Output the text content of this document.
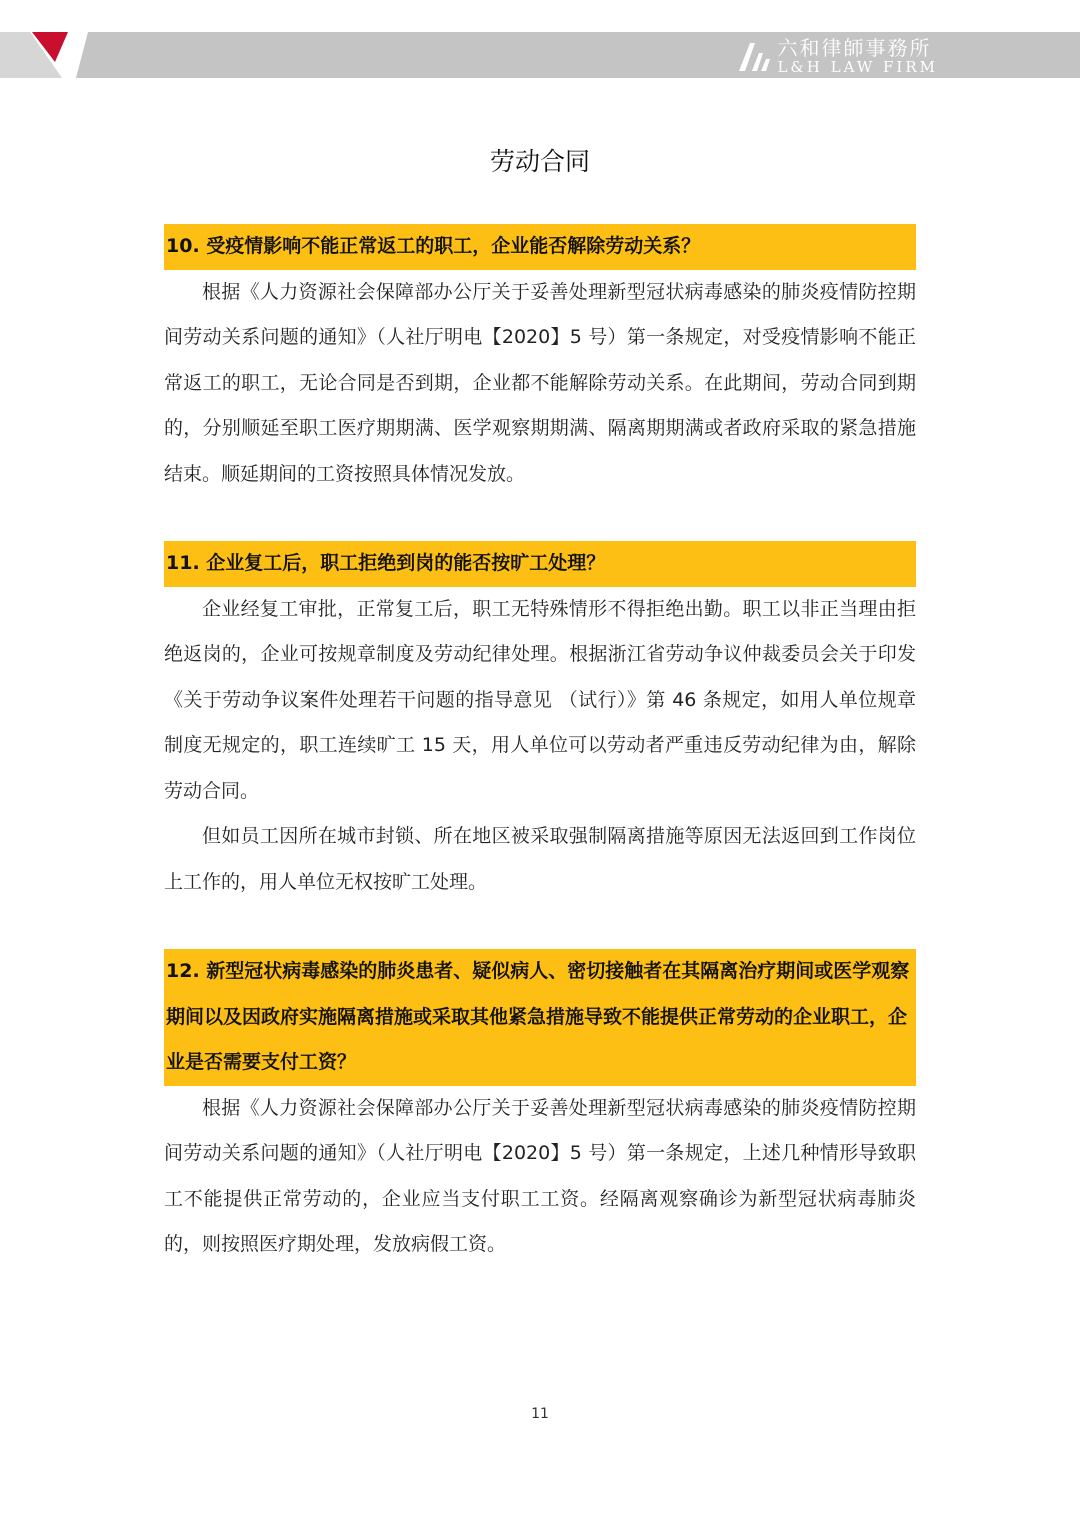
六和律師事務所
L&H LAW FIRM
劳动合同
10. 受疫情影响不能正常返工的职工，企业能否解除劳动关系？

根据《人力资源社会保障部办公厅关于妥善处理新型冠状病毒感染的肺炎疫情防控期间劳动关系问题的通知》（人社厅明电【2020】5 号）第一条规定，对受疫情影响不能正常返工的职工，无论合同是否到期，企业都不能解除劳动关系。在此期间，劳动合同到期的，分别顺延至职工医疗期期满、医学观察期期满、隔离期期满或者政府采取的紧急措施结束。顺延期间的工资按照具体情况发放。

11. 企业复工后，职工拒绝到岗的能否按旷工处理？

企业经复工审批，正常复工后，职工无特殊情形不得拒绝出勤。职工以非正当理由拒绝返岗的，企业可按规章制度及劳动纪律处理。根据浙江省劳动争议仲裁委员会关于印发《关于劳动争议案件处理若干问题的指导意见 （试行）》第 46 条规定，如用人单位规章制度无规定的，职工连续旷工 15 天，用人单位可以劳动者严重违反劳动纪律为由，解除劳动合同。

但如员工因所在城市封锁、所在地区被采取强制隔离措施等原因无法返回到工作岗位上工作的，用人单位无权按旷工处理。

12. 新型冠状病毒感染的肺炎患者、疑似病人、密切接触者在其隔离治疗期间或医学观察期间以及因政府实施隔离措施或采取其他紧急措施导致不能提供正常劳动的企业职工，企业是否需要支付工资？

根据《人力资源社会保障部办公厅关于妥善处理新型冠状病毒感染的肺炎疫情防控期间劳动关系问题的通知》（人社厅明电【2020】5 号）第一条规定，上述几种情形导致职工不能提供正常劳动的，企业应当支付职工工资。经隔离观察确诊为新型冠状病毒肺炎的，则按照医疗期处理，发放病假工资。

11
